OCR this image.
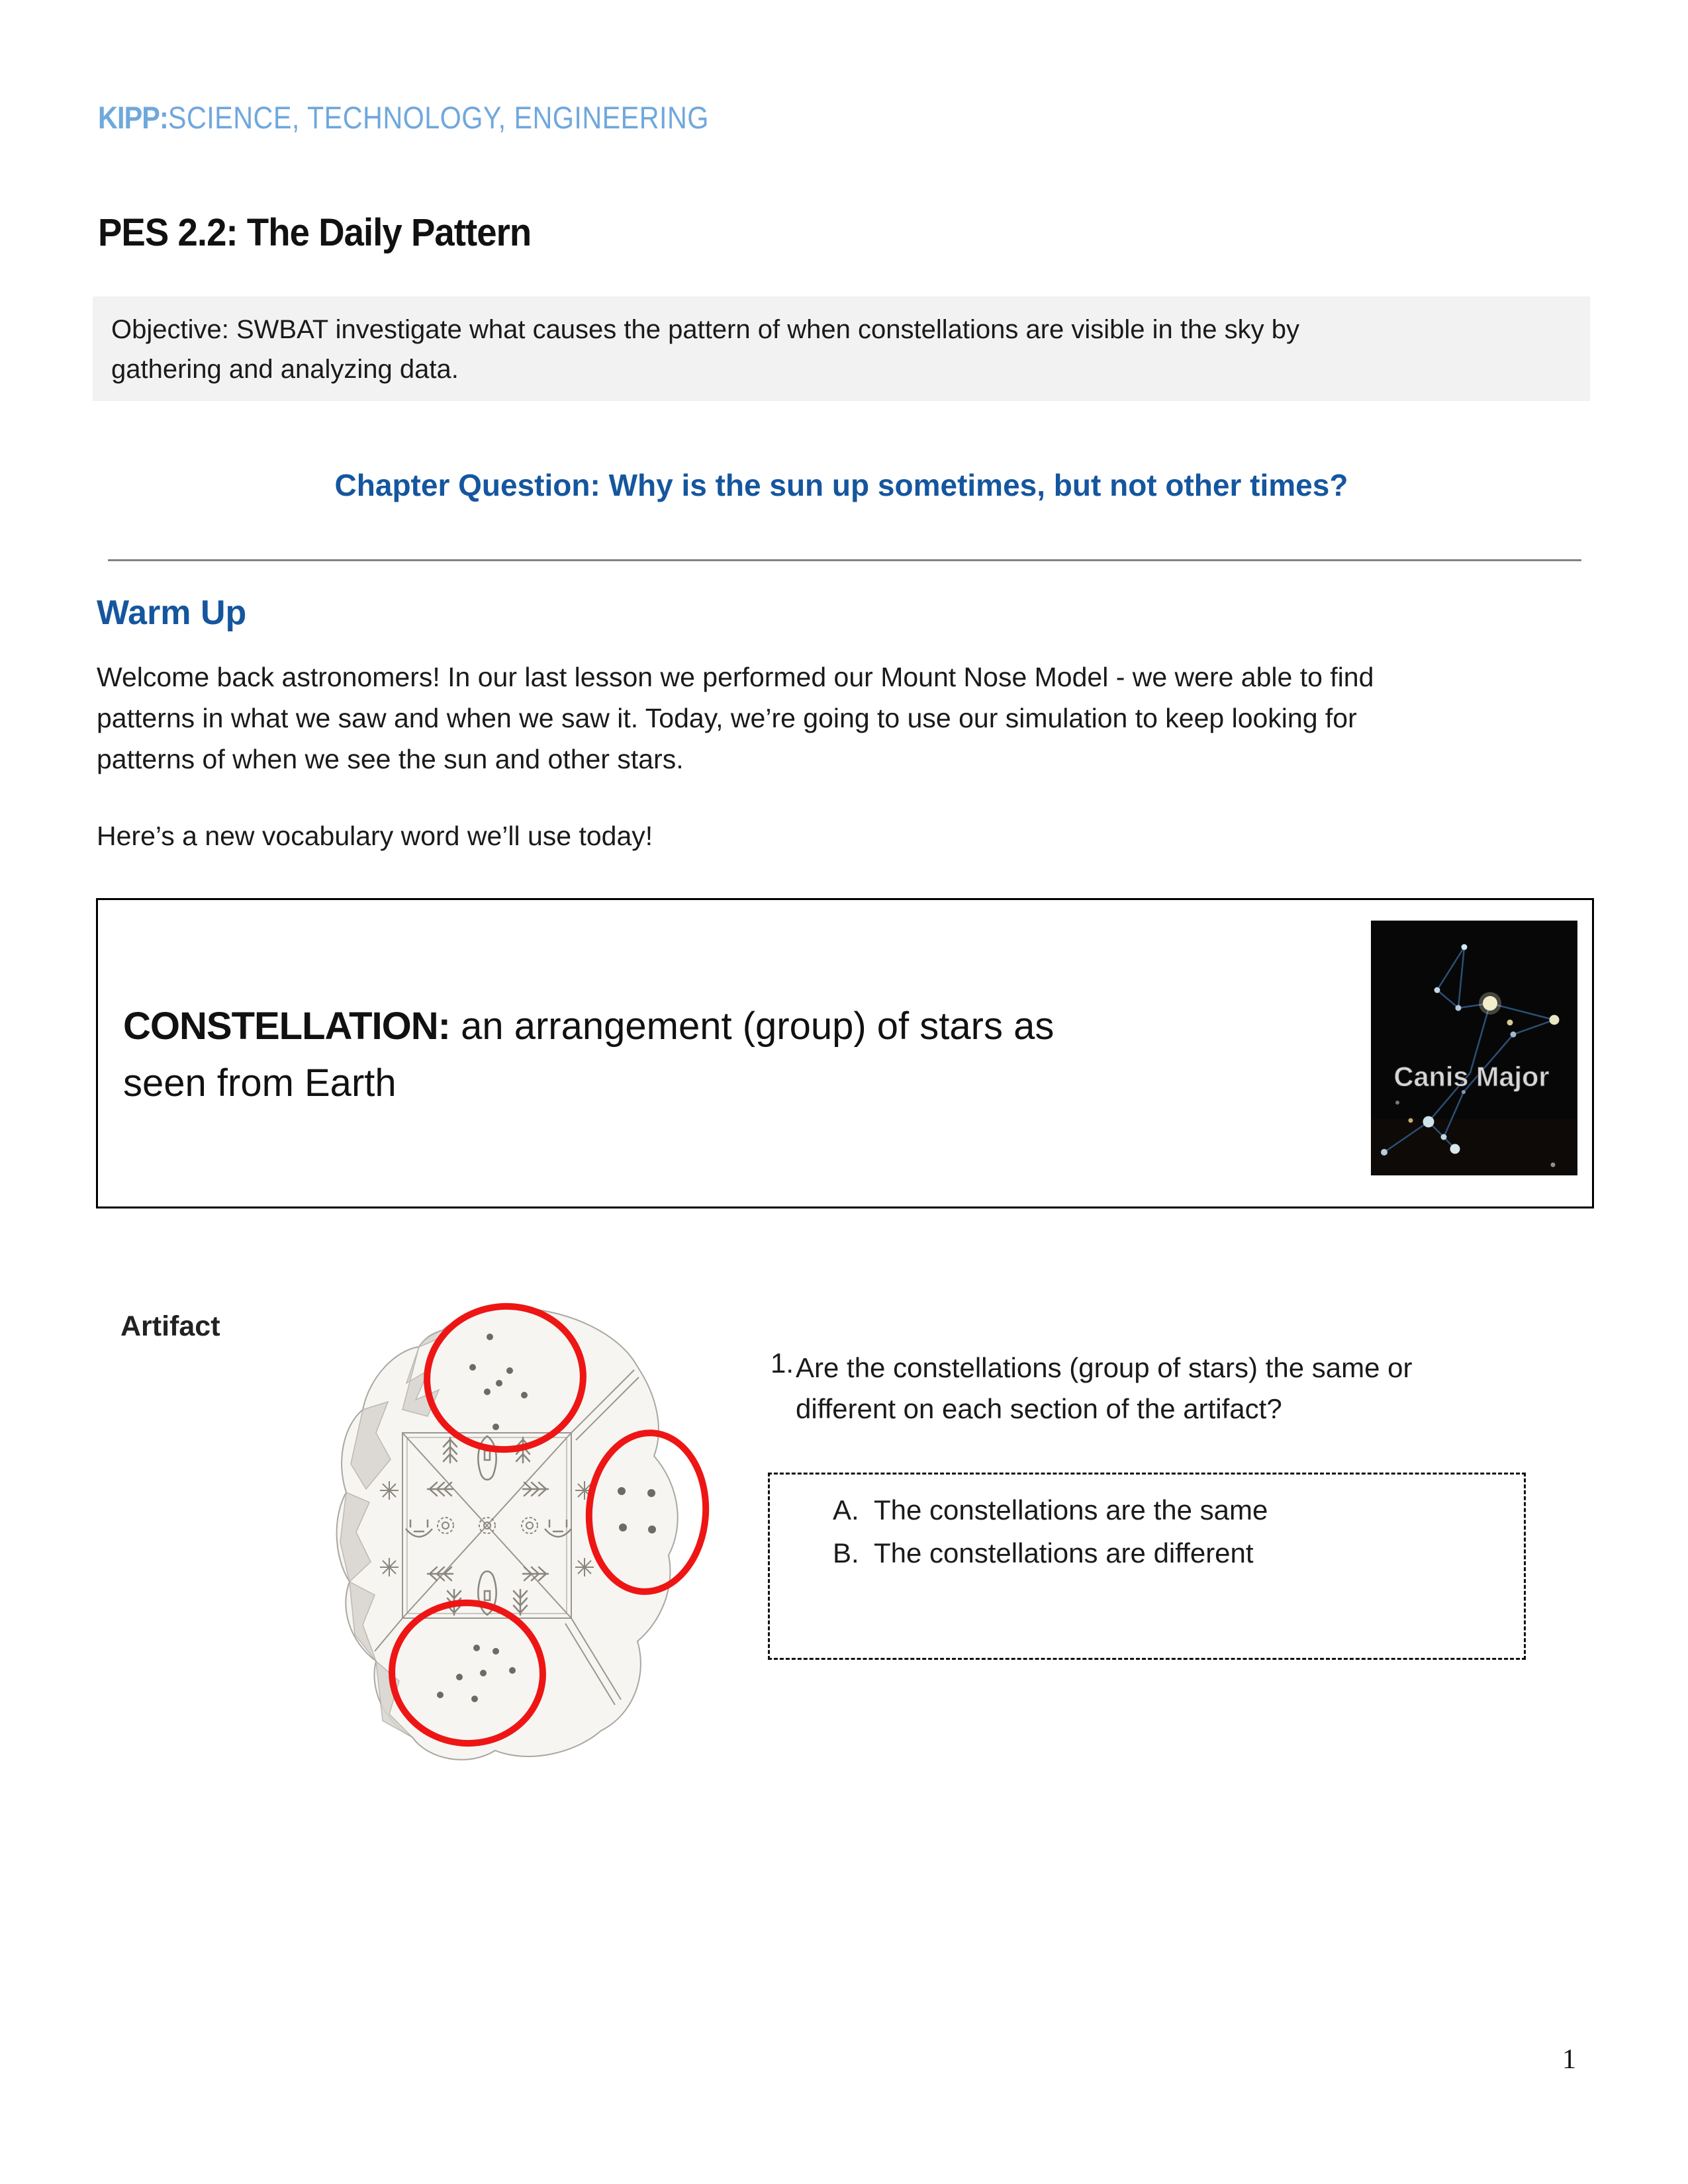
KIPP:SCIENCE, TECHNOLOGY, ENGINEERING
PES 2.2: The Daily Pattern
Objective: SWBAT investigate what causes the pattern of when constellations are visible in the sky by
gathering and analyzing data.
Chapter Question: Why is the sun up sometimes, but not other times?
Warm Up
Welcome back astronomers! In our last lesson we performed our Mount Nose Model - we were able to find
patterns in what we saw and when we saw it. Today, we’re going to use our simulation to keep looking for
patterns of when we see the sun and other stars.
Here’s a new vocabulary word we’ll use today!
CONSTELLATION: an arrangement (group) of stars as
seen from Earth	Canis Major
Artifact
1. Are the constellations (group of stars) the same or
different on each section of the artifact?
A. The constellations are the same
B. The constellations are different
1
